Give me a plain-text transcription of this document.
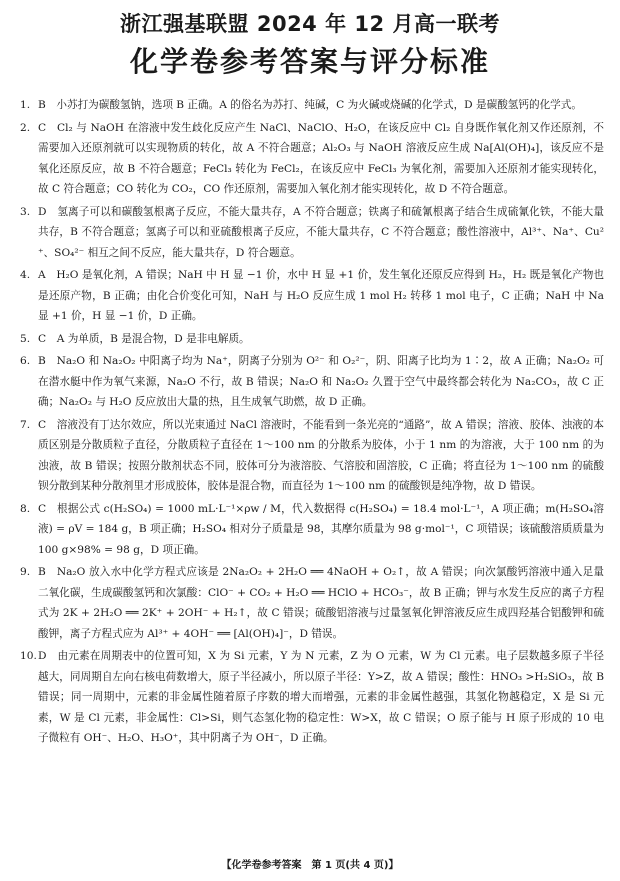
浙江强基联盟 2024 年 12 月高一联考
化学卷参考答案与评分标准
1. B　小苏打为碳酸氢钠，选项 B 正确。A 的俗名为苏打、纯碱，C 为火碱或烧碱的化学式，D 是碳酸氢钙的化学式。
2. C　Cl₂ 与 NaOH 在溶液中发生歧化反应产生 NaCl、NaClO、H₂O，在该反应中 Cl₂ 自身既作氧化剂又作还原剂，不需要加入还原剂就可以实现物质的转化，故 A 不符合题意；Al₂O₃ 与 NaOH 溶液反应生成 Na[Al(OH)₄]，该反应不是氧化还原反应，故 B 不符合题意；FeCl₃ 转化为 FeCl₂，在该反应中 FeCl₃ 为氧化剂，需要加入还原剂才能实现转化，故 C 符合题意；CO 转化为 CO₂，CO 作还原剂，需要加入氧化剂才能实现转化，故 D 不符合题意。
3. D　氢离子可以和碳酸氢根离子反应，不能大量共存，A 不符合题意；铁离子和硫氰根离子结合生成硫氰化铁，不能大量共存，B 不符合题意；氢离子可以和亚硫酸根离子反应，不能大量共存，C 不符合题意；酸性溶液中，Al³⁺、Na⁺、Cu²⁺、SO₄²⁻ 相互之间不反应，能大量共存，D 符合题意。
4. A　H₂O 是氧化剂，A 错误；NaH 中 H 显 −1 价，水中 H 显 +1 价，发生氧化还原反应得到 H₂，H₂ 既是氧化产物也是还原产物，B 正确；由化合价变化可知，NaH 与 H₂O 反应生成 1 mol H₂ 转移 1 mol 电子，C 正确；NaH 中 Na 显 +1 价，H 显 −1 价，D 正确。
5. C　A 为单质，B 是混合物，D 是非电解质。
6. B　Na₂O 和 Na₂O₂ 中阳离子均为 Na⁺，阴离子分别为 O²⁻ 和 O₂²⁻，阴、阳离子比均为 1∶2，故 A 正确；Na₂O₂ 可在潜水艇中作为氧气来源，Na₂O 不行，故 B 错误；Na₂O 和 Na₂O₂ 久置于空气中最终都会转化为 Na₂CO₃，故 C 正确；Na₂O₂ 与 H₂O 反应放出大量的热，且生成氧气助燃，故 D 正确。
7. C　溶液没有丁达尔效应，所以光束通过 NaCl 溶液时，不能看到一条光亮的“通路”，故 A 错误；溶液、胶体、浊液的本质区别是分散质粒子直径，分散质粒子直径在 1～100 nm 的分散系为胶体，小于 1 nm 的为溶液，大于 100 nm 的为浊液，故 B 错误；按照分散剂状态不同，胶体可分为液溶胶、气溶胶和固溶胶，C 正确；将直径为 1～100 nm 的硫酸钡分散到某种分散剂里才形成胶体，胶体是混合物，而直径为 1～100 nm 的硫酸钡是纯净物，故 D 错误。
8. C　根据公式 c(H₂SO₄) = 1000 mL·L⁻¹×ρw / M，代入数据得 c(H₂SO₄) = 18.4 mol·L⁻¹，A 项正确；m(H₂SO₄溶液) = ρV = 184 g，B 项正确；H₂SO₄ 相对分子质量是 98，其摩尔质量为 98 g·mol⁻¹，C 项错误；该硫酸溶质质量为 100 g×98% = 98 g，D 项正确。
9. B　Na₂O 放入水中化学方程式应该是 2Na₂O₂ + 2H₂O ══ 4NaOH + O₂↑，故 A 错误；向次氯酸钙溶液中通入足量二氧化碳，生成碳酸氢钙和次氯酸：ClO⁻ + CO₂ + H₂O ══ HClO + HCO₃⁻，故 B 正确；钾与水发生反应的离子方程式为 2K + 2H₂O ══ 2K⁺ + 2OH⁻ + H₂↑，故 C 错误；硫酸铝溶液与过量氢氧化钾溶液反应生成四羟基合铝酸钾和硫酸钾，离子方程式应为 Al³⁺ + 4OH⁻ ══ [Al(OH)₄]⁻，D 错误。
10. D　由元素在周期表中的位置可知，X 为 Si 元素，Y 为 N 元素，Z 为 O 元素，W 为 Cl 元素。电子层数越多原子半径越大，同周期自左向右核电荷数增大，原子半径减小，所以原子半径：Y>Z，故 A 错误；酸性：HNO₃ >H₂SiO₃，故 B 错误；同一周期中，元素的非金属性随着原子序数的增大而增强，元素的非金属性越强，其氢化物越稳定，X 是 Si 元素，W 是 Cl 元素，非金属性：Cl>Si，则气态氢化物的稳定性：W>X，故 C 错误；O 原子能与 H 原子形成的 10 电子微粒有 OH⁻、H₂O、H₃O⁺，其中阴离子为 OH⁻，D 正确。
【化学卷参考答案　第 1 页(共 4 页)】
